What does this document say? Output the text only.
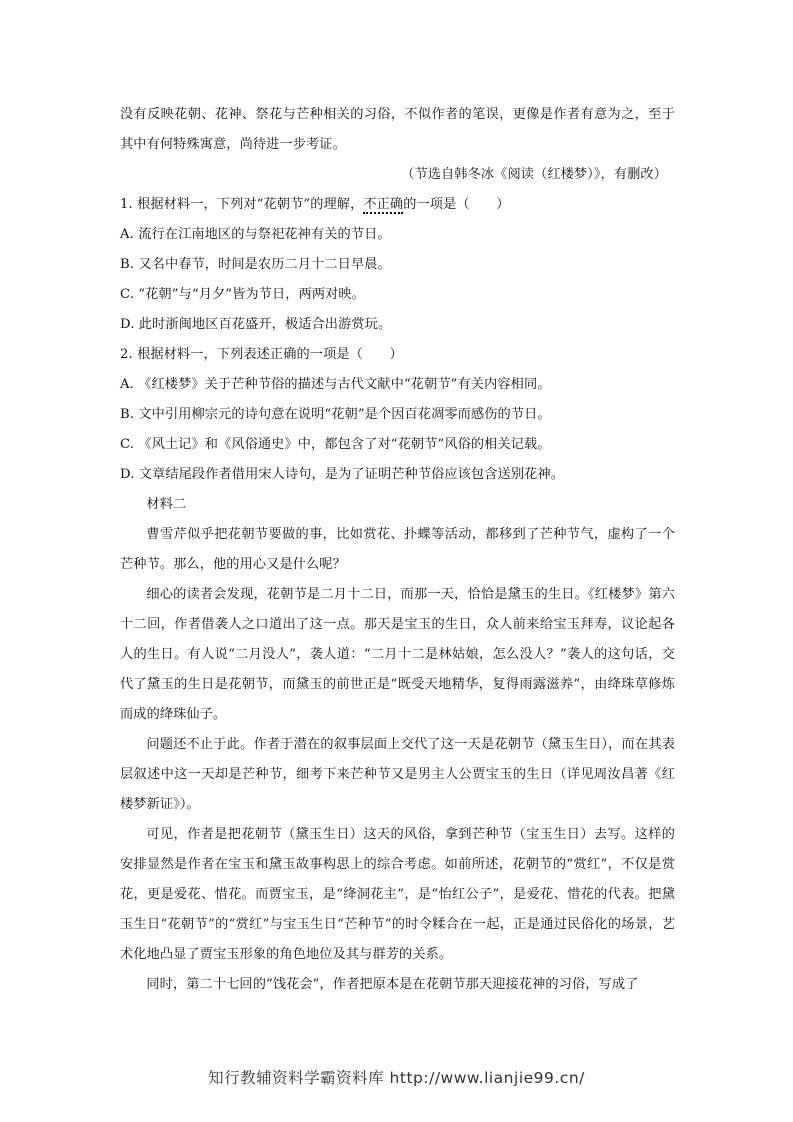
没有反映花朝、花神、祭花与芒种相关的习俗，不似作者的笔误，更像是作者有意为之，至于其中有何特殊寓意，尚待进一步考证。

（节选自韩冬冰《阅读（红楼梦）》，有删改）

1. 根据材料一，下列对“花朝节”的理解，不正确的一项是（　　）

A. 流行在江南地区的与祭祀花神有关的节日。

B. 又名中春节，时间是农历二月十二日早晨。

C. “花朝”与“月夕”皆为节日，两两对映。

D. 此时浙闽地区百花盛开，极适合出游赏玩。

2. 根据材料一，下列表述正确的一项是（　　）

A. 《红楼梦》关于芒种节俗的描述与古代文献中“花朝节”有关内容相同。

B. 文中引用柳宗元的诗句意在说明“花朝”是个因百花凋零而感伤的节日。

C. 《风土记》和《风俗通史》中，都包含了对“花朝节”风俗的相关记载。

D. 文章结尾段作者借用宋人诗句，是为了证明芒种节俗应该包含送别花神。

材料二

曹雪芹似乎把花朝节要做的事，比如赏花、扑蝶等活动，都移到了芒种节气，虚构了一个芒种节。那么，他的用心又是什么呢？

细心的读者会发现，花朝节是二月十二日，而那一天，恰恰是黛玉的生日。《红楼梦》第六十二回，作者借袭人之口道出了这一点。那天是宝玉的生日，众人前来给宝玉拜寿，议论起各人的生日。有人说“二月没人”，袭人道：“二月十二是林姑娘，怎么没人？”袭人的这句话，交代了黛玉的生日是花朝节，而黛玉的前世正是“既受天地精华，复得雨露滋养”，由绛珠草修炼而成的绛珠仙子。

问题还不止于此。作者于潜在的叙事层面上交代了这一天是花朝节（黛玉生日），而在其表层叙述中这一天却是芒种节，细考下来芒种节又是男主人公贾宝玉的生日（详见周汝昌著《红楼梦新证》）。

可见，作者是把花朝节（黛玉生日）这天的风俗，拿到芒种节（宝玉生日）去写。这样的安排显然是作者在宝玉和黛玉故事构思上的综合考虑。如前所述，花朝节的“赏红”，不仅是赏花，更是爱花、惜花。而贾宝玉，是“绛洞花主”，是“怡红公子”，是爱花、惜花的代表。把黛玉生日“花朝节”的“赏红”与宝玉生日“芒种节”的时令糅合在一起，正是通过民俗化的场景，艺术化地凸显了贾宝玉形象的角色地位及其与群芳的关系。

同时，第二十七回的“饯花会”，作者把原本是在花朝节那天迎接花神的习俗，写成了

知行教辅资料学霸资料库 http://www.lianjie99.cn/
